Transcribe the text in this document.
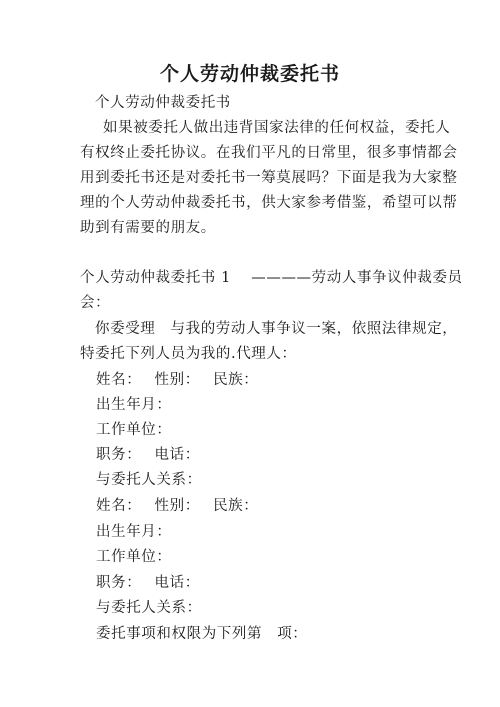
个人劳动仲裁委托书
个人劳动仲裁委托书
如果被委托人做出违背国家法律的任何权益，委托人
有权终止委托协议。在我们平凡的日常里，很多事情都会
用到委托书还是对委托书一筹莫展吗？下面是我为大家整
理的个人劳动仲裁委托书，供大家参考借鉴，希望可以帮
助到有需要的朋友。
个人劳动仲裁委托书 1　 ————劳动人事争议仲裁委员
会：
你委受理　与我的劳动人事争议一案，依照法律规定，
特委托下列人员为我的.代理人：
姓名： 性别： 民族：
出生年月：
工作单位：
职务： 电话：
与委托人关系：
姓名： 性别： 民族：
出生年月：
工作单位：
职务： 电话：
与委托人关系：
委托事项和权限为下列第　项：
